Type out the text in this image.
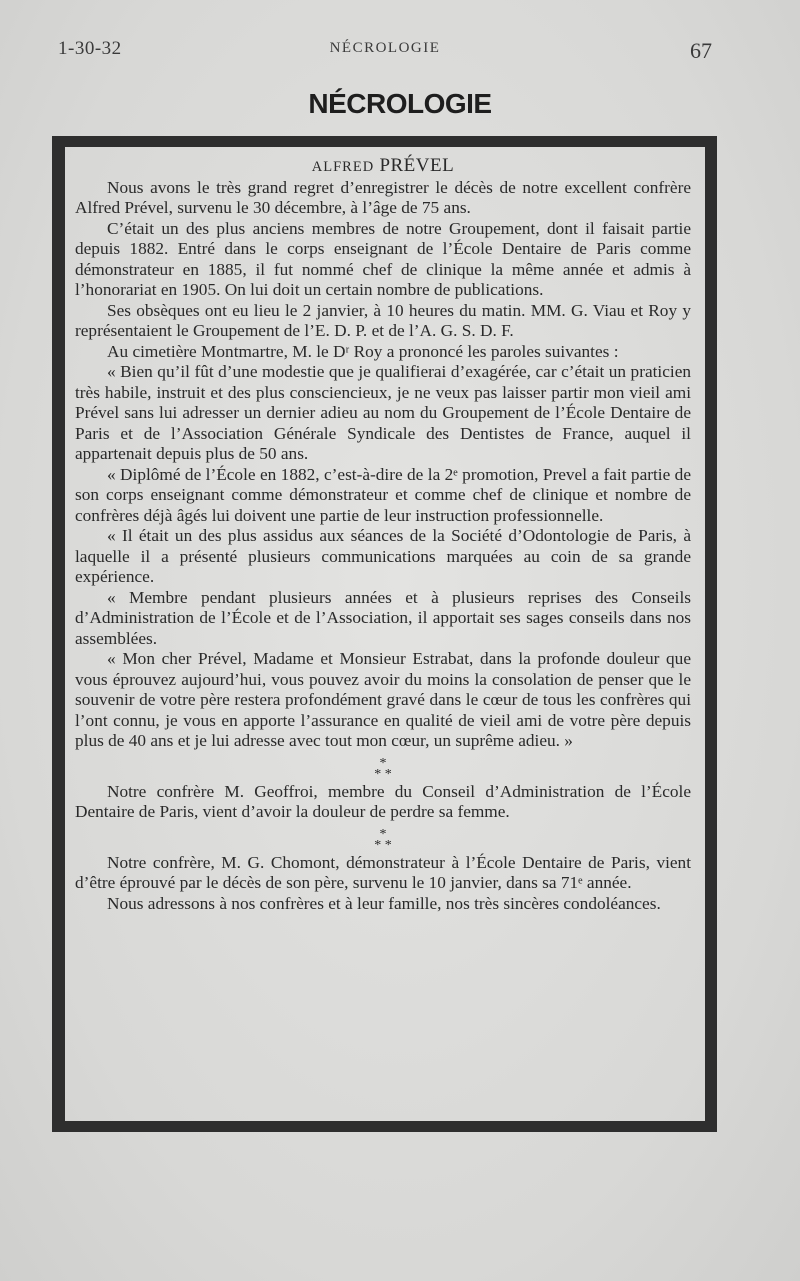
1-30-32	NÉCROLOGIE	67
NÉCROLOGIE
ALFRED PRÉVEL

Nous avons le très grand regret d’enregistrer le décès de notre excellent confrère Alfred Prével, survenu le 30 décembre, à l’âge de 75 ans.

C’était un des plus anciens membres de notre Groupement, dont il faisait partie depuis 1882. Entré dans le corps enseignant de l’École Dentaire de Paris comme démonstrateur en 1885, il fut nommé chef de clinique la même année et admis à l’honorariat en 1905. On lui doit un certain nombre de publications.

Ses obsèques ont eu lieu le 2 janvier, à 10 heures du matin. MM. G. Viau et Roy y représentaient le Groupement de l’E. D. P. et de l’A. G. S. D. F.

Au cimetière Montmartre, M. le Dʳ Roy a prononcé les paroles suivantes :

« Bien qu’il fût d’une modestie que je qualifierai d’exagérée, car c’était un praticien très habile, instruit et des plus consciencieux, je ne veux pas laisser partir mon vieil ami Prével sans lui adresser un dernier adieu au nom du Groupement de l’École Dentaire de Paris et de l’Association Générale Syndicale des Dentistes de France, auquel il appartenait depuis plus de 50 ans.

« Diplômé de l’École en 1882, c’est-à-dire de la 2ᵉ promotion, Prevel a fait partie de son corps enseignant comme démonstrateur et comme chef de clinique et nombre de confrères déjà âgés lui doivent une partie de leur instruction professionnelle.

« Il était un des plus assidus aux séances de la Société d’Odontologie de Paris, à laquelle il a présenté plusieurs communications marquées au coin de sa grande expérience.

« Membre pendant plusieurs années et à plusieurs reprises des Conseils d’Administration de l’École et de l’Association, il apportait ses sages conseils dans nos assemblées.

« Mon cher Prével, Madame et Monsieur Estrabat, dans la profonde douleur que vous éprouvez aujourd’hui, vous pouvez avoir du moins la consolation de penser que le souvenir de votre père restera profondément gravé dans le cœur de tous les confrères qui l’ont connu, je vous en apporte l’assurance en qualité de vieil ami de votre père depuis plus de 40 ans et je lui adresse avec tout mon cœur, un suprême adieu. »

*
* *

Notre confrère M. Geoffroi, membre du Conseil d’Administration de l’École Dentaire de Paris, vient d’avoir la douleur de perdre sa femme.

*
* *

Notre confrère, M. G. Chomont, démonstrateur à l’École Dentaire de Paris, vient d’être éprouvé par le décès de son père, survenu le 10 janvier, dans sa 71ᵉ année.

Nous adressons à nos confrères et à leur famille, nos très sincères condoléances.
